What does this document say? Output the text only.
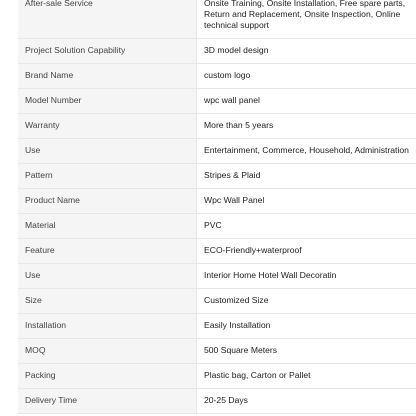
After-sale Service	Onsite Training, Onsite Installation, Free spare parts, Return and Replacement, Onsite Inspection, Online technical support
Project Solution Capability	3D model design
Brand Name	custom logo
Model Number	wpc wall panel
Warranty	More than 5 years
Use	Entertainment, Commerce, Household, Administration
Pattern	Stripes & Plaid
Product Name	Wpc Wall Panel
Material	PVC
Feature	ECO-Friendly+waterproof
Use	Interior Home Hotel Wall Decoratin
Size	Customized Size
Installation	Easily Installation
MOQ	500 Square Meters
Packing	Plastic bag, Carton or Pallet
Delivery Time	20-25 Days
